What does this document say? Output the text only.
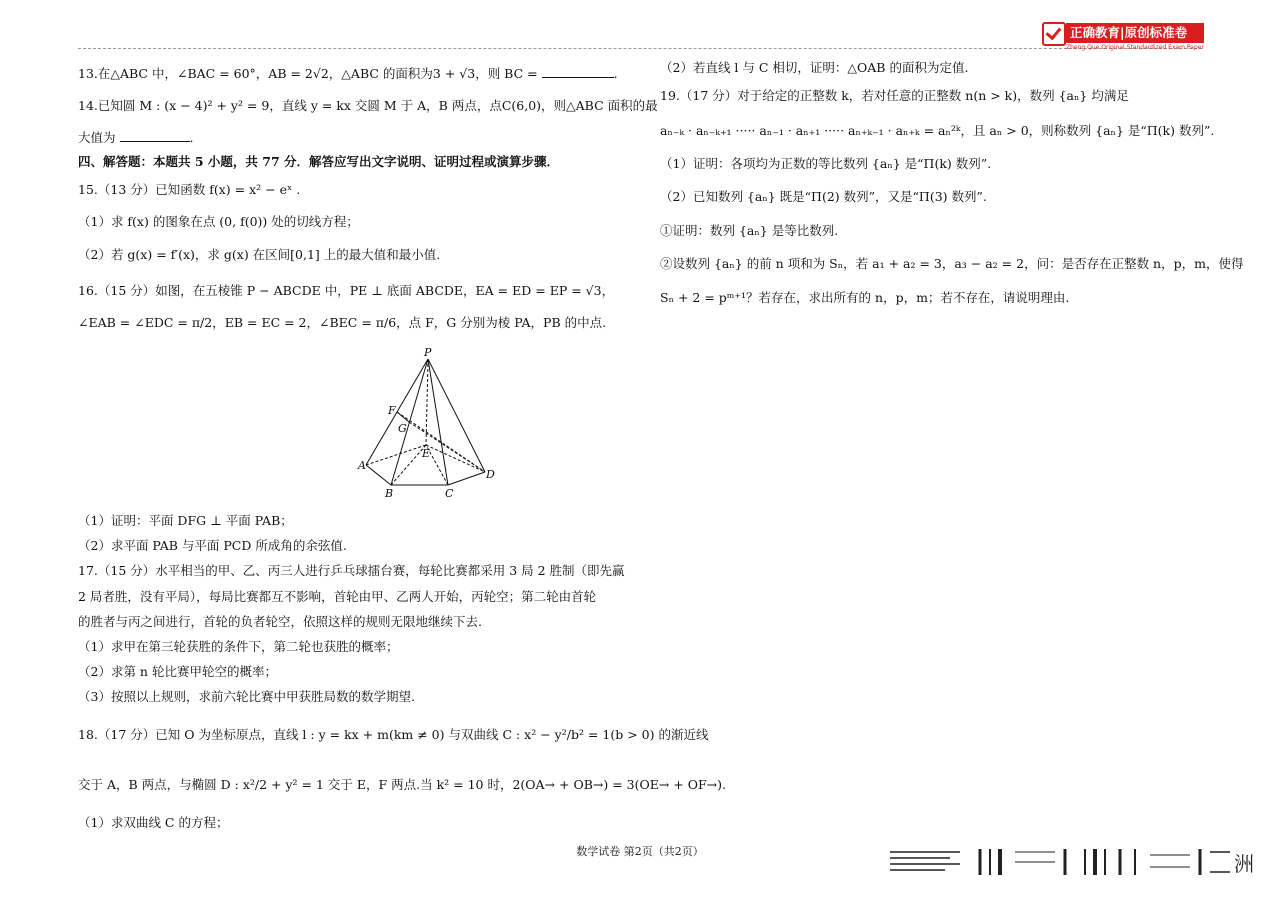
正确教育|原创标准卷
Zheng Que Original Standardized Exam Paper
13.在△ABC 中，∠BAC = 60°，AB = 2√2，△ABC 的面积为3 + √3，则 BC =	.
14.已知圆 M : (x − 4)² + y² = 9，直线 y = kx 交圆 M 于 A，B 两点，点C(6,0)，则△ABC 面积的最
大值为	.
四、解答题：本题共 5 小题，共 77 分．解答应写出文字说明、证明过程或演算步骤．
15.（13 分）已知函数 f(x) = x² − eˣ .
（1）求 f(x) 的图象在点 (0, f(0)) 处的切线方程；
（2）若 g(x) = f′(x)，求 g(x) 在区间[0,1] 上的最大值和最小值.
16.（15 分）如图，在五棱锥 P − ABCDE 中，PE ⊥ 底面 ABCDE，EA = ED = EP = √3，
∠EAB = ∠EDC = π/2，EB = EC = 2，∠BEC = π/6，点 F，G 分别为棱 PA，PB 的中点.
P
F
G
E
A
B	C
D
（1）证明：平面 DFG ⊥ 平面 PAB；
（2）求平面 PAB 与平面 PCD 所成角的余弦值.
17.（15 分）水平相当的甲、乙、丙三人进行乒乓球擂台赛，每轮比赛都采用 3 局 2 胜制（即先赢
2 局者胜，没有平局），每局比赛都互不影响，首轮由甲、乙两人开始，丙轮空；第二轮由首轮
的胜者与丙之间进行，首轮的负者轮空，依照这样的规则无限地继续下去.
（1）求甲在第三轮获胜的条件下，第二轮也获胜的概率；
（2）求第 n 轮比赛甲轮空的概率；
（3）按照以上规则，求前六轮比赛中甲获胜局数的数学期望.
18.（17 分）已知 O 为坐标原点，直线 l : y = kx + m(km ≠ 0) 与双曲线 C : x² − y²/b² = 1(b > 0) 的渐近线
交于 A，B 两点，与椭圆 D : x²/2 + y² = 1 交于 E，F 两点.当 k² = 10 时，2(OA→ + OB→) = 3(OE→ + OF→).
（1）求双曲线 C 的方程；
（2）若直线 l 与 C 相切，证明：△OAB 的面积为定值.
19.（17 分）对于给定的正整数 k，若对任意的正整数 n(n > k)，数列 {aₙ} 均满足
aₙ₋ₖ · aₙ₋ₖ₊₁ ····· aₙ₋₁ · aₙ₊₁ ····· aₙ₊ₖ₋₁ · aₙ₊ₖ = aₙ²ᵏ，且 aₙ > 0，则称数列 {aₙ} 是“Π(k) 数列”.
（1）证明：各项均为正数的等比数列 {aₙ} 是“Π(k) 数列”.
（2）已知数列 {aₙ} 既是“Π(2) 数列”，又是“Π(3) 数列”.
①证明：数列 {aₙ} 是等比数列.
②设数列 {aₙ} 的前 n 项和为 Sₙ，若 a₁ + a₂ = 3，a₃ − a₂ = 2，问：是否存在正整数 n，p，m，使得
Sₙ + 2 = pᵐ⁺¹？若存在，求出所有的 n，p，m；若不存在，请说明理由.
数学试卷 第2页（共2页）
洲
